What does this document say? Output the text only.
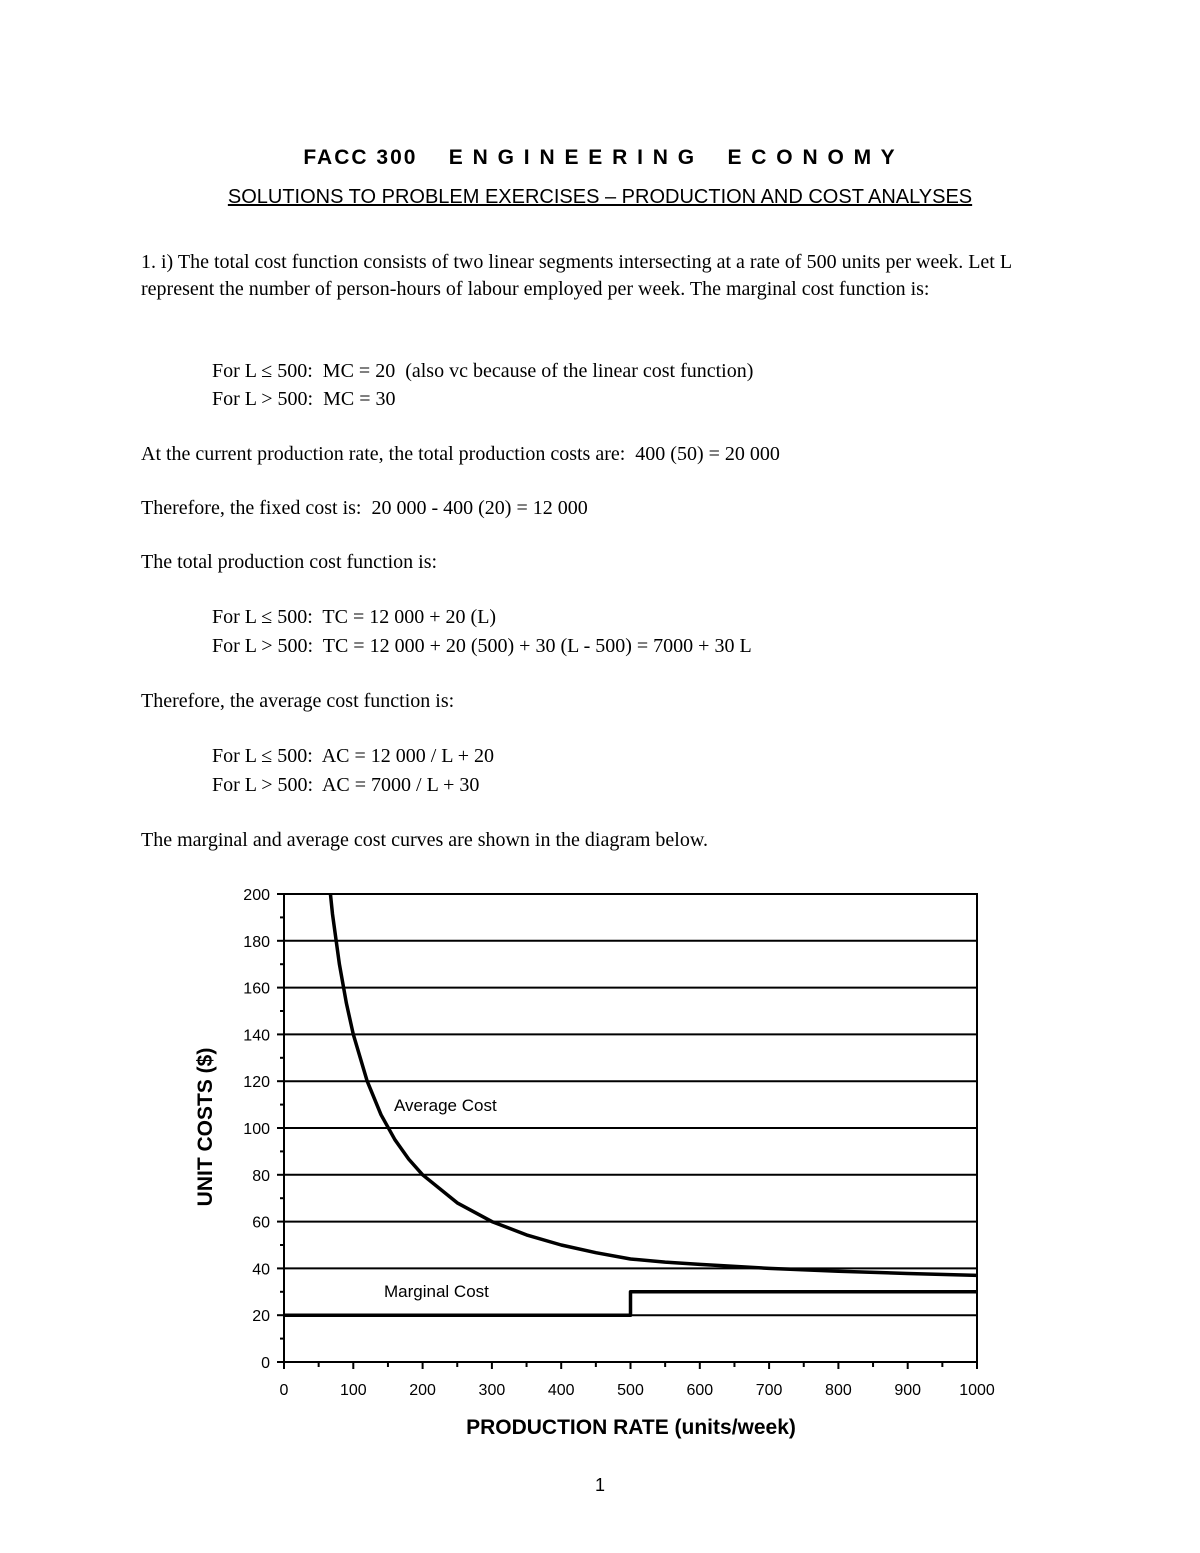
FACC 300    E N G I N E E R I N G    E C O N O M Y
SOLUTIONS TO PROBLEM EXERCISES – PRODUCTION AND COST ANALYSES
1. i) The total cost function consists of two linear segments intersecting at a rate of 500 units per week. Let L represent the number of person-hours of labour employed per week. The marginal cost function is:
For L ≤ 500:  MC = 20  (also vc because of the linear cost function)
For L > 500:  MC = 30
At the current production rate, the total production costs are:  400 (50) = 20 000
Therefore, the fixed cost is:  20 000 - 400 (20) = 12 000
The total production cost function is:
For L ≤ 500:  TC = 12 000 + 20 (L)
For L > 500:  TC = 12 000 + 20 (500) + 30 (L - 500) = 7000 + 30 L
Therefore, the average cost function is:
For L ≤ 500:  AC = 12 000 / L + 20
For L > 500:  AC = 7000 / L + 30
The marginal and average cost curves are shown in the diagram below.
0
20
40
60
80
100
120
140
160
180
200
0	100	200	300	400	500	600	700	800	900 1000
Average Cost
Marginal Cost
PRODUCTION RATE (units/week)
UNIT COSTS ($)
1
